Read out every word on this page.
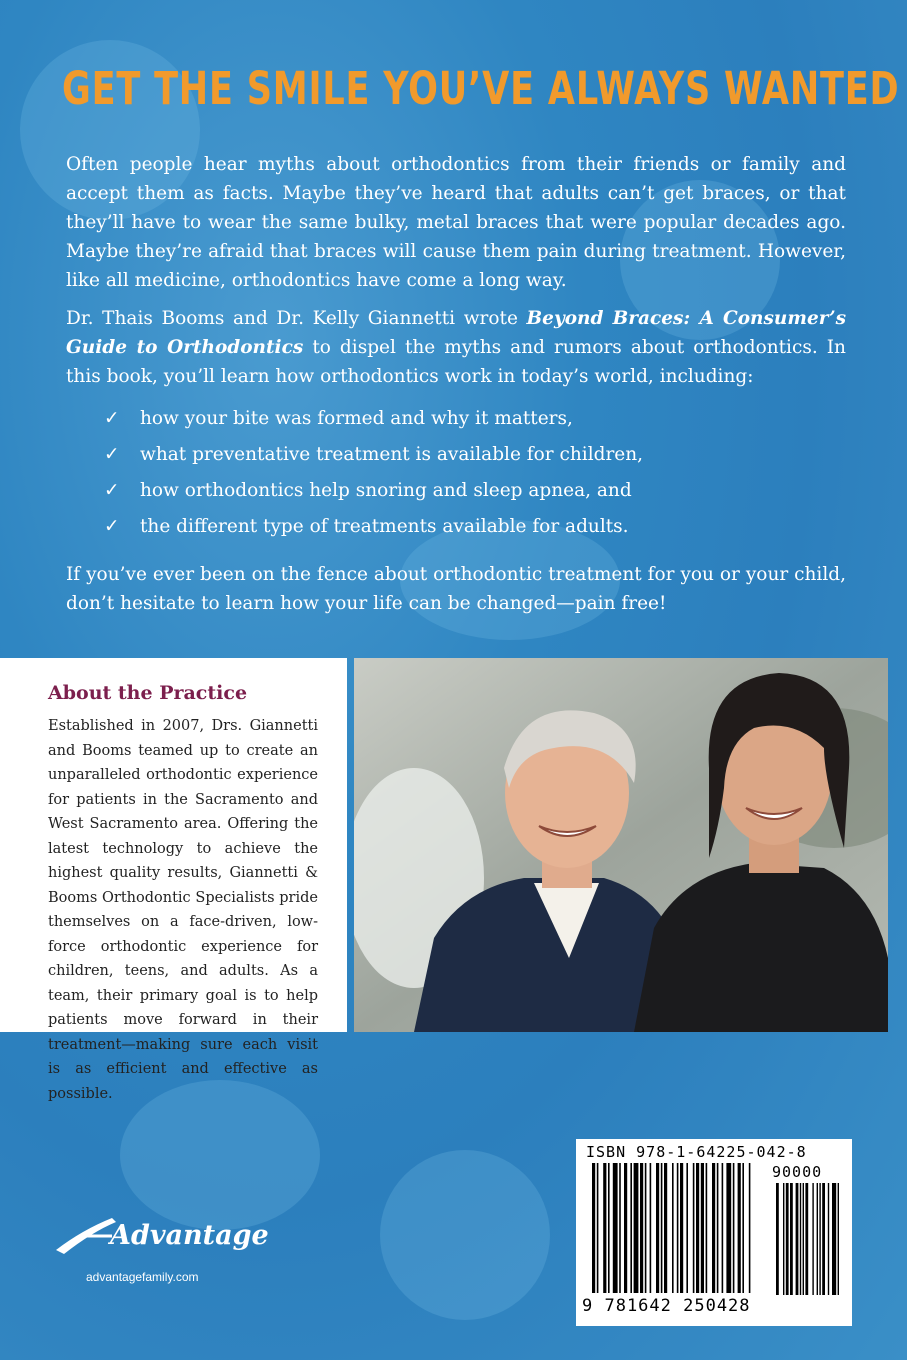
GET THE SMILE YOU’VE ALWAYS WANTED

Often people hear myths about orthodontics from their friends or family and accept them as facts. Maybe they’ve heard that adults can’t get braces, or that they’ll have to wear the same bulky, metal braces that were popular decades ago. Maybe they’re afraid that braces will cause them pain during treatment. However, like all medicine, orthodontics have come a long way.

Dr. Thais Booms and Dr. Kelly Giannetti wrote Beyond Braces: A Consumer’s Guide to Orthodontics to dispel the myths and rumors about orthodontics. In this book, you’ll learn how orthodontics work in today’s world, including:

✓	how your bite was formed and why it matters,
✓	what preventative treatment is available for children,
✓	how orthodontics help snoring and sleep apnea, and
✓	the different type of treatments available for adults.

If you’ve ever been on the fence about orthodontic treatment for you or your child, don’t hesitate to learn how your life can be changed—pain free!

About the Practice

Established in 2007, Drs. Giannetti and Booms teamed up to create an unparalleled orthodontic experience for patients in the Sacramento and West Sacramento area. Offering the latest technology to achieve the highest quality results, Giannetti & Booms Orthodontic Specialists pride themselves on a face-driven, low-force orthodontic experience for children, teens, and adults. As a team, their primary goal is to help patients move forward in their treatment—making sure each visit is as efficient and effective as possible.

Advantage
advantagefamily.com
ISBN 978-1-64225-042-8
90000
9 781642 250428
